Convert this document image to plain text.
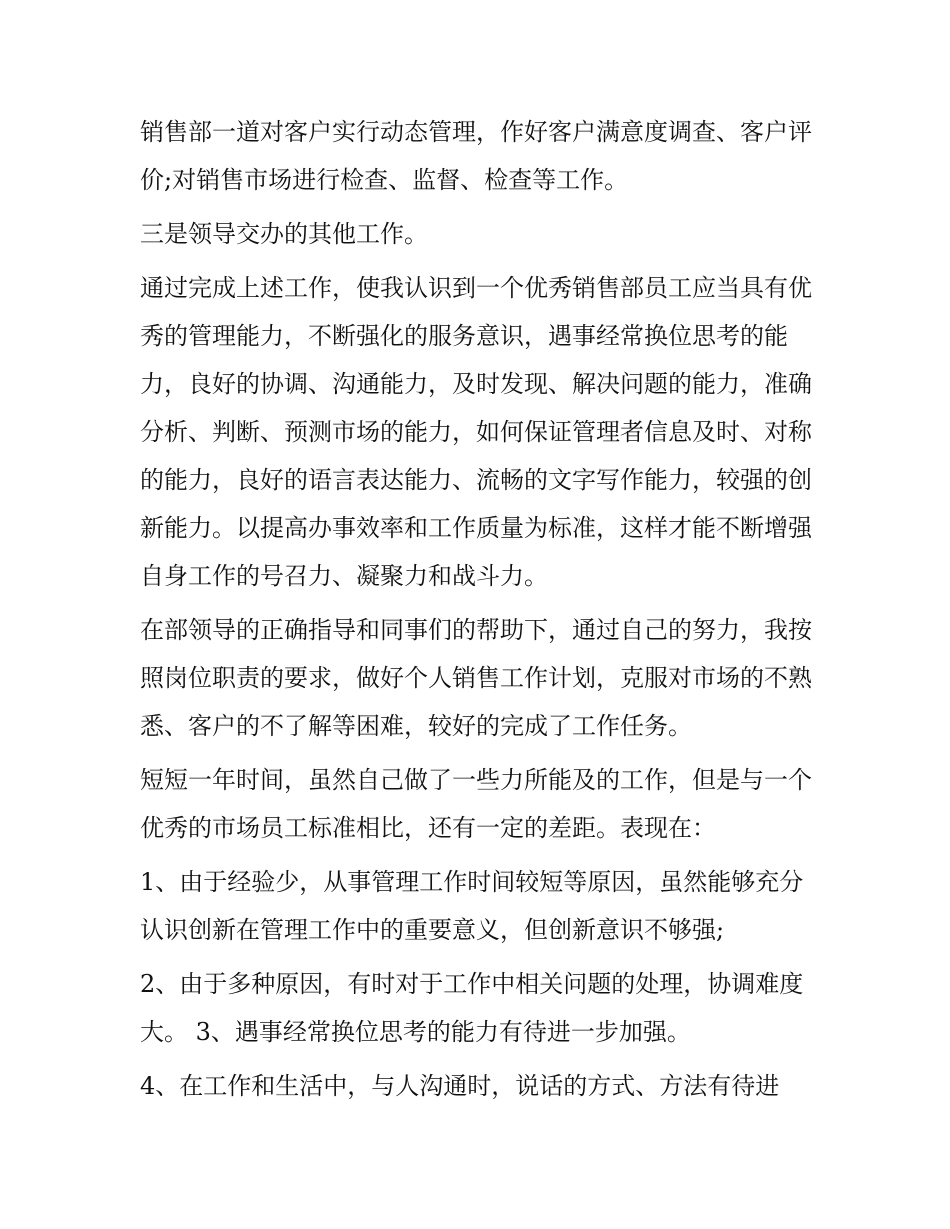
销售部一道对客户实行动态管理，作好客户满意度调查、客户评价;对销售市场进行检查、监督、检查等工作。

三是领导交办的其他工作。

通过完成上述工作，使我认识到一个优秀销售部员工应当具有优秀的管理能力，不断强化的服务意识，遇事经常换位思考的能力，良好的协调、沟通能力，及时发现、解决问题的能力，准确分析、判断、预测市场的能力，如何保证管理者信息及时、对称的能力，良好的语言表达能力、流畅的文字写作能力，较强的创新能力。以提高办事效率和工作质量为标准，这样才能不断增强自身工作的号召力、凝聚力和战斗力。

在部领导的正确指导和同事们的帮助下，通过自己的努力，我按照岗位职责的要求，做好个人销售工作计划，克服对市场的不熟悉、客户的不了解等困难，较好的完成了工作任务。

短短一年时间，虽然自己做了一些力所能及的工作，但是与一个优秀的市场员工标准相比，还有一定的差距。表现在：

1、由于经验少，从事管理工作时间较短等原因，虽然能够充分认识创新在管理工作中的重要意义，但创新意识不够强;

2、由于多种原因，有时对于工作中相关问题的处理，协调难度大。 3、遇事经常换位思考的能力有待进一步加强。

4、在工作和生活中，与人沟通时，说话的方式、方法有待进
